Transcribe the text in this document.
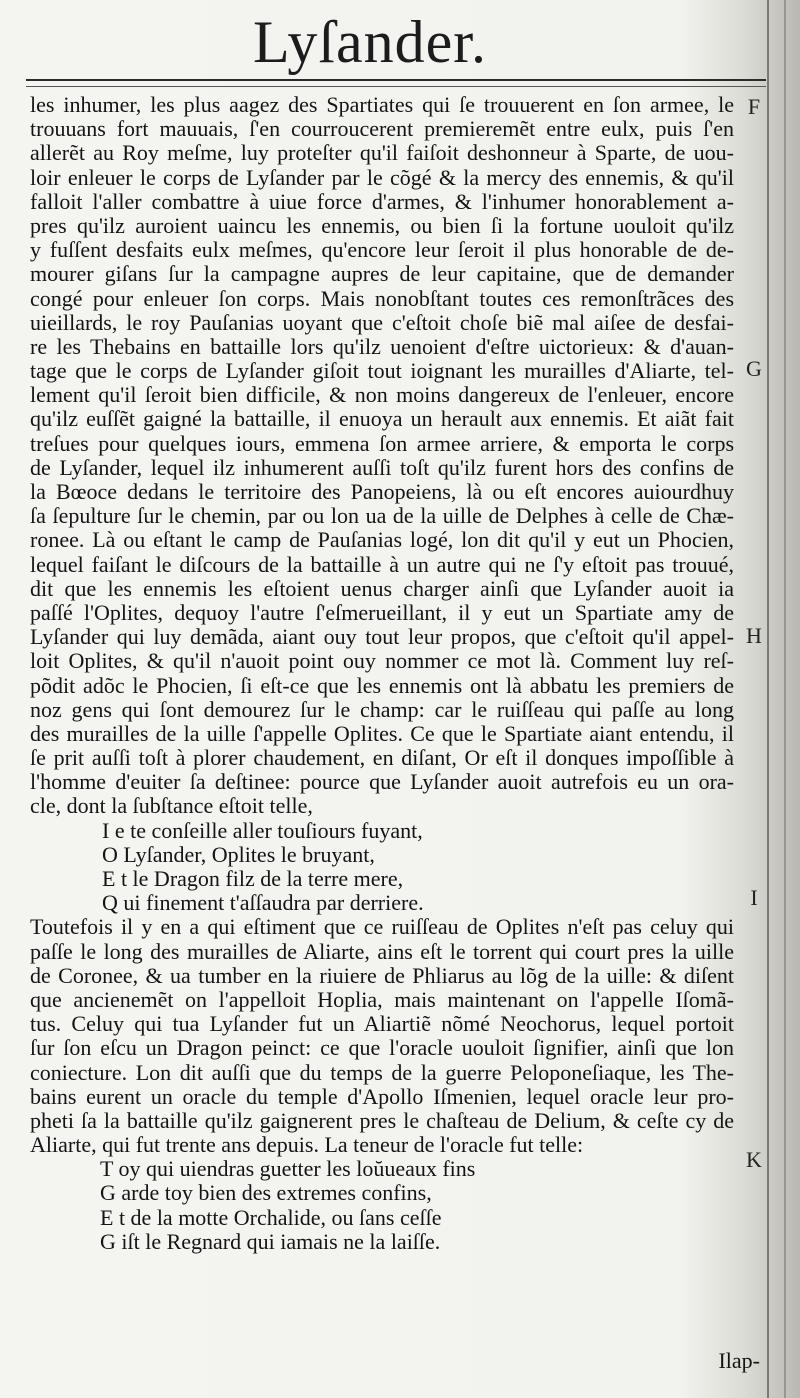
Lyſander.
les inhumer, les plus aagez des Spartiates qui ſe trouuerent en ſon armee, le
trouuans fort mauuais, ſ'en courroucerent premieremẽt entre eulx, puis ſ'en
allerẽt au Roy meſme, luy proteſter qu'il faiſoit deshonneur à Sparte, de uou-
loir enleuer le corps de Lyſander par le cõgé & la mercy des ennemis, & qu'il
falloit l'aller combattre à uiue force d'armes, & l'inhumer honorablement a-
pres qu'ilz auroient uaincu les ennemis, ou bien ſi la fortune uouloit qu'ilz
y fuſſent desfaits eulx meſmes, qu'encore leur ſeroit il plus honorable de de-
mourer giſans ſur la campagne aupres de leur capitaine, que de demander
congé pour enleuer ſon corps. Mais nonobſtant toutes ces remonſtrãces des
uieillards, le roy Pauſanias uoyant que c'eſtoit choſe biẽ mal aiſee de desfai-
re les Thebains en battaille lors qu'ilz uenoient d'eſtre uictorieux: & d'auan-
tage que le corps de Lyſander giſoit tout ioignant les murailles d'Aliarte, tel-
lement qu'il ſeroit bien difficile, & non moins dangereux de l'enleuer, encore
qu'ilz euſſẽt gaigné la battaille, il enuoya un herault aux ennemis. Et aiãt fait
treſues pour quelques iours, emmena ſon armee arriere, & emporta le corps
de Lyſander, lequel ilz inhumerent auſſi toſt qu'ilz furent hors des confins de
la Bœoce dedans le territoire des Panopeiens, là ou eſt encores auiourdhuy
ſa ſepulture ſur le chemin, par ou lon ua de la uille de Delphes à celle de Chæ-
ronee. Là ou eſtant le camp de Pauſanias logé, lon dit qu'il y eut un Phocien,
lequel faiſant le diſcours de la battaille à un autre qui ne ſ'y eſtoit pas trouué,
dit que les ennemis les eſtoient uenus charger ainſi que Lyſander auoit ia
paſſé l'Oplites, dequoy l'autre ſ'eſmerueillant, il y eut un Spartiate amy de
Lyſander qui luy demãda, aiant ouy tout leur propos, que c'eſtoit qu'il appel-
loit Oplites, & qu'il n'auoit point ouy nommer ce mot là. Comment luy reſ-
põdit adõc le Phocien, ſi eſt-ce que les ennemis ont là abbatu les premiers de
noz gens qui ſont demourez ſur le champ: car le ruiſſeau qui paſſe au long
des murailles de la uille ſ'appelle Oplites. Ce que le Spartiate aiant entendu, il
ſe prit auſſi toſt à plorer chaudement, en diſant, Or eſt il donques impoſſible à
l'homme d'euiter ſa deſtinee: pource que Lyſander auoit autrefois eu un ora-
cle, dont la ſubſtance eſtoit telle,
I e te conſeille aller touſiours fuyant,
O Lyſander, Oplites le bruyant,
E t le Dragon filz de la terre mere,
Q ui finement t'aſſaudra par derriere.
Toutefois il y en a qui eſtiment que ce ruiſſeau de Oplites n'eſt pas celuy qui
paſſe le long des murailles de Aliarte, ains eſt le torrent qui court pres la uille
de Coronee, & ua tumber en la riuiere de Phliarus au lõg de la uille: & diſent
que ancienemẽt on l'appelloit Hoplia, mais maintenant on l'appelle Iſomã-
tus. Celuy qui tua Lyſander fut un Aliartiẽ nõmé Neochorus, lequel portoit
ſur ſon eſcu un Dragon peinct: ce que l'oracle uouloit ſignifier, ainſi que lon
coniecture. Lon dit auſſi que du temps de la guerre Peloponeſiaque, les The-
bains eurent un oracle du temple d'Apollo Iſmenien, lequel oracle leur pro-
pheti ſa la battaille qu'ilz gaignerent pres le chaſteau de Delium, & ceſte cy de
Aliarte, qui fut trente ans depuis. La teneur de l'oracle fut telle:
T oy qui uiendras guetter les loŭueaux fins
G arde toy bien des extremes confins,
E t de la motte Orchalide, ou ſans ceſſe
G iſt le Regnard qui iamais ne la laiſſe.
F
G
H
I
K
Ilap-
